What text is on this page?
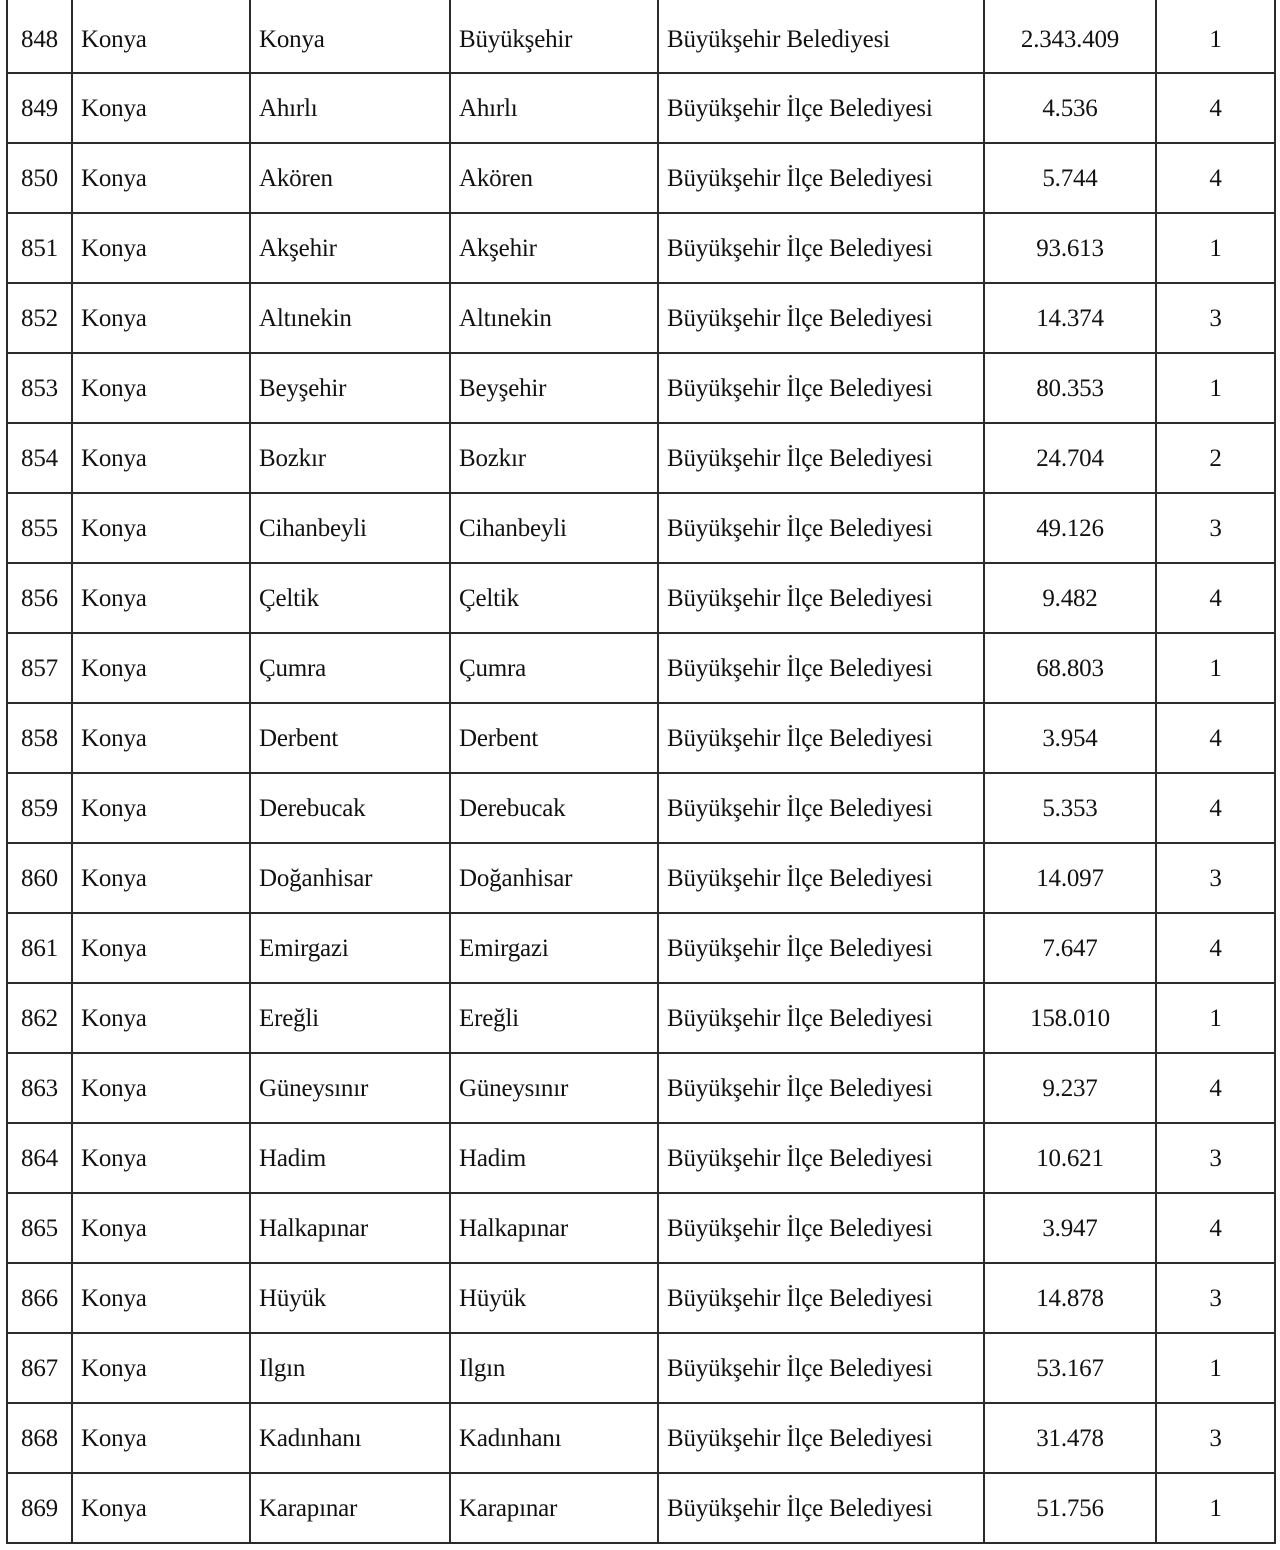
848	Konya	Konya	Büyükşehir	Büyükşehir Belediyesi	2.343.409	1
849	Konya	Ahırlı	Ahırlı	Büyükşehir İlçe Belediyesi	4.536	4
850	Konya	Akören	Akören	Büyükşehir İlçe Belediyesi	5.744	4
851	Konya	Akşehir	Akşehir	Büyükşehir İlçe Belediyesi	93.613	1
852	Konya	Altınekin	Altınekin	Büyükşehir İlçe Belediyesi	14.374	3
853	Konya	Beyşehir	Beyşehir	Büyükşehir İlçe Belediyesi	80.353	1
854	Konya	Bozkır	Bozkır	Büyükşehir İlçe Belediyesi	24.704	2
855	Konya	Cihanbeyli	Cihanbeyli	Büyükşehir İlçe Belediyesi	49.126	3
856	Konya	Çeltik	Çeltik	Büyükşehir İlçe Belediyesi	9.482	4
857	Konya	Çumra	Çumra	Büyükşehir İlçe Belediyesi	68.803	1
858	Konya	Derbent	Derbent	Büyükşehir İlçe Belediyesi	3.954	4
859	Konya	Derebucak	Derebucak	Büyükşehir İlçe Belediyesi	5.353	4
860	Konya	Doğanhisar	Doğanhisar	Büyükşehir İlçe Belediyesi	14.097	3
861	Konya	Emirgazi	Emirgazi	Büyükşehir İlçe Belediyesi	7.647	4
862	Konya	Ereğli	Ereğli	Büyükşehir İlçe Belediyesi	158.010	1
863	Konya	Güneysınır	Güneysınır	Büyükşehir İlçe Belediyesi	9.237	4
864	Konya	Hadim	Hadim	Büyükşehir İlçe Belediyesi	10.621	3
865	Konya	Halkapınar	Halkapınar	Büyükşehir İlçe Belediyesi	3.947	4
866	Konya	Hüyük	Hüyük	Büyükşehir İlçe Belediyesi	14.878	3
867	Konya	Ilgın	Ilgın	Büyükşehir İlçe Belediyesi	53.167	1
868	Konya	Kadınhanı	Kadınhanı	Büyükşehir İlçe Belediyesi	31.478	3
869	Konya	Karapınar	Karapınar	Büyükşehir İlçe Belediyesi	51.756	1
